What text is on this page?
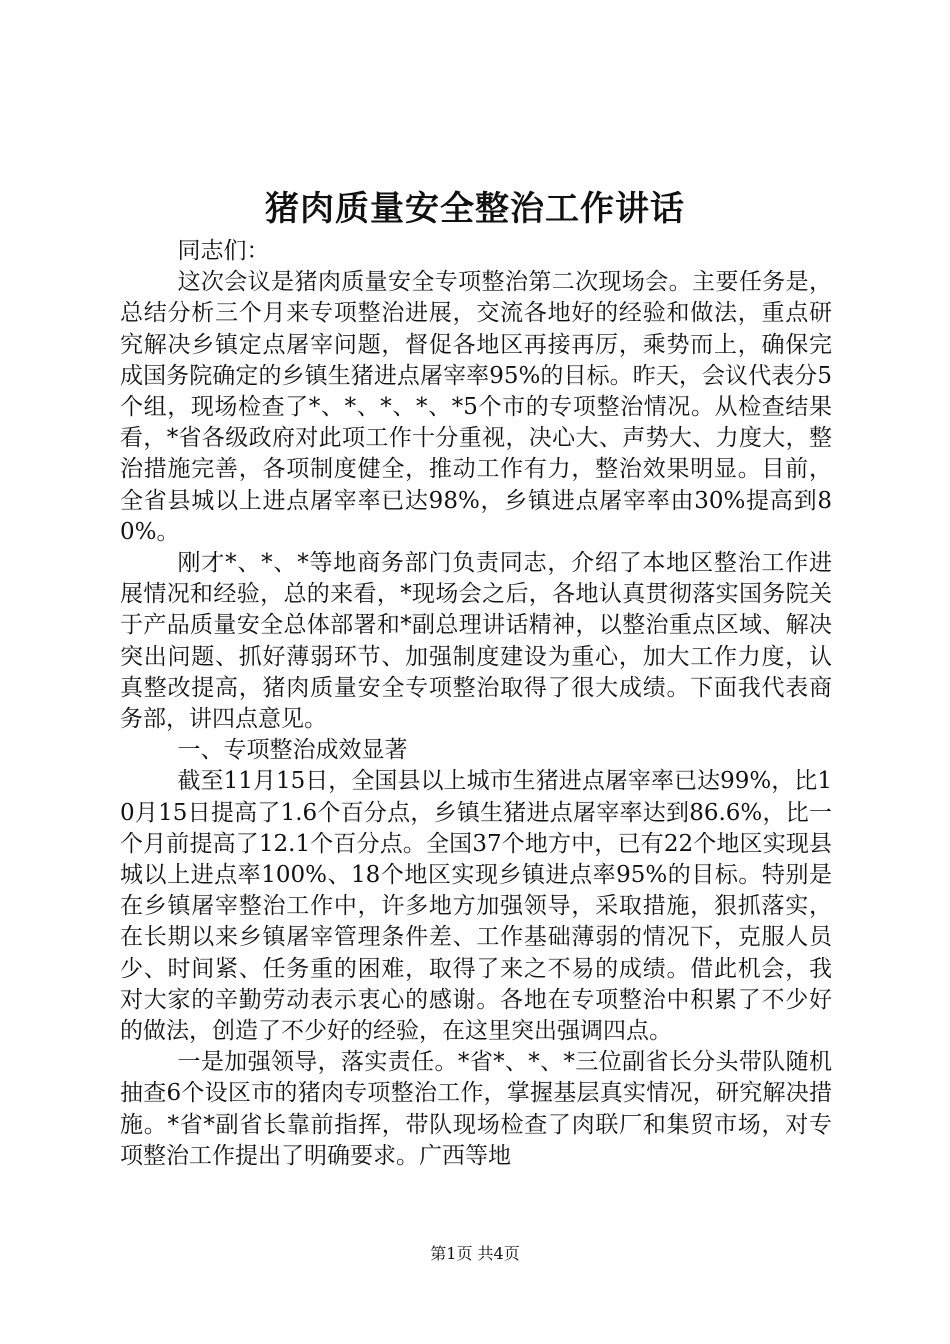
猪肉质量安全整治工作讲话

同志们：

这次会议是猪肉质量安全专项整治第二次现场会。主要任务是，总结分析三个月来专项整治进展，交流各地好的经验和做法，重点研究解决乡镇定点屠宰问题，督促各地区再接再厉，乘势而上，确保完成国务院确定的乡镇生猪进点屠宰率95%的目标。昨天，会议代表分5个组，现场检查了*、*、*、*、*5个市的专项整治情况。从检查结果看，*省各级政府对此项工作十分重视，决心大、声势大、力度大，整治措施完善，各项制度健全，推动工作有力，整治效果明显。目前，全省县城以上进点屠宰率已达98%，乡镇进点屠宰率由30%提高到80%。

刚才*、*、*等地商务部门负责同志，介绍了本地区整治工作进展情况和经验，总的来看，*现场会之后，各地认真贯彻落实国务院关于产品质量安全总体部署和*副总理讲话精神，以整治重点区域、解决突出问题、抓好薄弱环节、加强制度建设为重心，加大工作力度，认真整改提高，猪肉质量安全专项整治取得了很大成绩。下面我代表商务部，讲四点意见。

一、专项整治成效显著

截至11月15日，全国县以上城市生猪进点屠宰率已达99%，比10月15日提高了1.6个百分点，乡镇生猪进点屠宰率达到86.6%，比一个月前提高了12.1个百分点。全国37个地方中，已有22个地区实现县城以上进点率100%、18个地区实现乡镇进点率95%的目标。特别是在乡镇屠宰整治工作中，许多地方加强领导，采取措施，狠抓落实，在长期以来乡镇屠宰管理条件差、工作基础薄弱的情况下，克服人员少、时间紧、任务重的困难，取得了来之不易的成绩。借此机会，我对大家的辛勤劳动表示衷心的感谢。各地在专项整治中积累了不少好的做法，创造了不少好的经验，在这里突出强调四点。

一是加强领导，落实责任。*省*、*、*三位副省长分头带队随机抽查6个设区市的猪肉专项整治工作，掌握基层真实情况，研究解决措施。*省*副省长靠前指挥，带队现场检查了肉联厂和集贸市场，对专项整治工作提出了明确要求。广西等地

第1页 共4页
